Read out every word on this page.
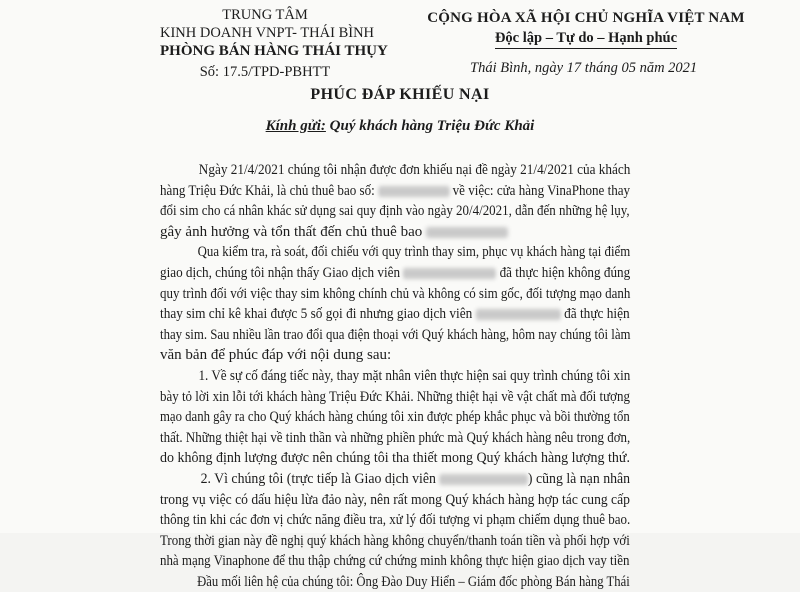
TRUNG TÂM
KINH DOANH VNPT- THÁI BÌNH
PHÒNG BÁN HÀNG THÁI THỤY
Số: 17.5/TPD-PBHTT
CỘNG HÒA XÃ HỘI CHỦ NGHĨA VIỆT NAM
Độc lập – Tự do – Hạnh phúc
Thái Bình, ngày 17 tháng 05 năm 2021
PHÚC ĐÁP KHIẾU NẠI
Kính gửi: Quý khách hàng Triệu Đức Khải
Ngày 21/4/2021 chúng tôi nhận được đơn khiếu nại đề ngày 21/4/2021 của khách
hàng Triệu Đức Khải, là chủ thuê bao số:	về việc: cửa hàng VinaPhone thay
đổi sim cho cá nhân khác sử dụng sai quy định vào ngày 20/4/2021, dẫn đến những hệ lụy,
gây ảnh hưởng và tổn thất đến chủ thuê bao
Qua kiểm tra, rà soát, đối chiếu với quy trình thay sim, phục vụ khách hàng tại điểm
giao dịch, chúng tôi nhận thấy Giao dịch viên	đã thực hiện không đúng
quy trình đối với việc thay sim không chính chủ và không có sim gốc, đối tượng mạo danh
thay sim chỉ kê khai được 5 số gọi đi nhưng giao dịch viên	đã thực hiện
thay sim. Sau nhiều lần trao đổi qua điện thoại với Quý khách hàng, hôm nay chúng tôi làm
văn bản để phúc đáp với nội dung sau:
1. Về sự cố đáng tiếc này, thay mặt nhân viên thực hiện sai quy trình chúng tôi xin
bày tỏ lời xin lỗi tới khách hàng Triệu Đức Khải. Những thiệt hại về vật chất mà đối tượng
mạo danh gây ra cho Quý khách hàng chúng tôi xin được phép khắc phục và bồi thường tổn
thất. Những thiệt hại về tinh thần và những phiền phức mà Quý khách hàng nêu trong đơn,
do không định lượng được nên chúng tôi tha thiết mong Quý khách hàng lượng thứ.
2. Vì chúng tôi (trực tiếp là Giao dịch viên	) cũng là nạn nhân
trong vụ việc có dấu hiệu lừa đảo này, nên rất mong Quý khách hàng hợp tác cung cấp
thông tin khi các đơn vị chức năng điều tra, xử lý đối tượng vi phạm chiếm dụng thuê bao.
Trong thời gian này đề nghị quý khách hàng không chuyển/thanh toán tiền và phối hợp với
nhà mạng Vinaphone để thu thập chứng cứ chứng minh không thực hiện giao dịch vay tiền
Đầu mối liên hệ của chúng tôi: Ông Đào Duy Hiển – Giám đốc phòng Bán hàng Thái
